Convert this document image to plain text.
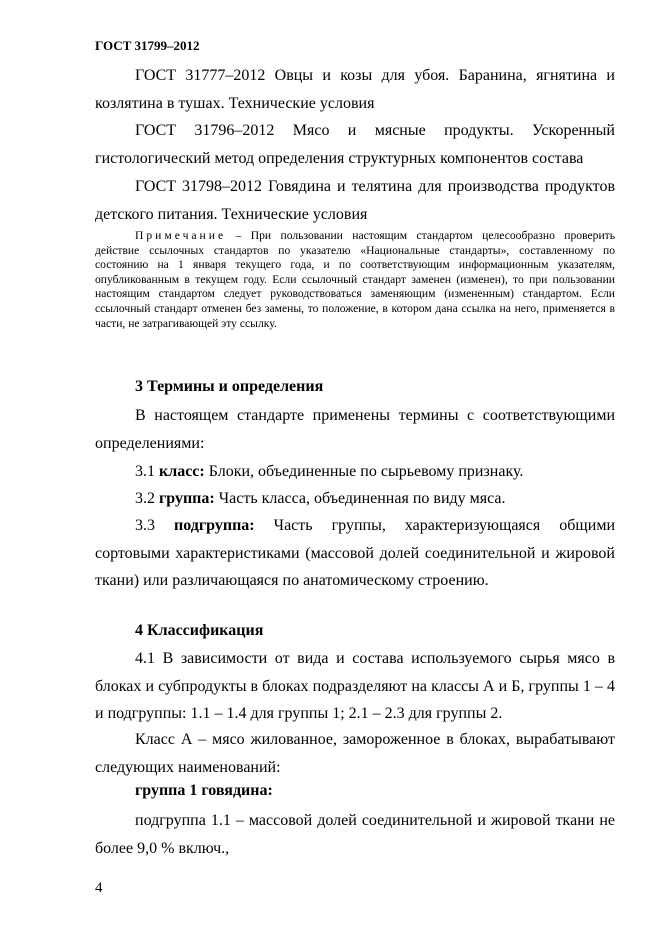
ГОСТ 31799–2012

ГОСТ 31777–2012 Овцы и козы для убоя. Баранина, ягнятина и козлятина в тушах. Технические условия

ГОСТ 31796–2012 Мясо и мясные продукты. Ускоренный гистологический метод определения структурных компонентов состава

ГОСТ 31798–2012 Говядина и телятина для производства продуктов детского питания. Технические условия

Примечание – При пользовании настоящим стандартом целесообразно проверить действие ссылочных стандартов по указателю «Национальные стандарты», составленному по состоянию на 1 января текущего года, и по соответствующим информационным указателям, опубликованным в текущем году. Если ссылочный стандарт заменен (изменен), то при пользовании настоящим стандартом следует руководствоваться заменяющим (измененным) стандартом. Если ссылочный стандарт отменен без замены, то положение, в котором дана ссылка на него, применяется в части, не затрагивающей эту ссылку.

3 Термины и определения

В настоящем стандарте применены термины с соответствующими определениями:

3.1 класс: Блоки, объединенные по сырьевому признаку.

3.2 группа: Часть класса, объединенная по виду мяса.

3.3 подгруппа: Часть группы, характеризующаяся общими сортовыми характеристиками (массовой долей соединительной и жировой ткани) или различающаяся по анатомическому строению.

4 Классификация

4.1 В зависимости от вида и состава используемого сырья мясо в блоках и субпродукты в блоках подразделяют на классы А и Б, группы 1 – 4 и подгруппы: 1.1 – 1.4 для группы 1; 2.1 – 2.3 для группы 2.

Класс А – мясо жилованное, замороженное в блоках, вырабатывают следующих наименований:

группа 1 говядина:

подгруппа 1.1 – массовой долей соединительной и жировой ткани не более 9,0 % включ.,

4
